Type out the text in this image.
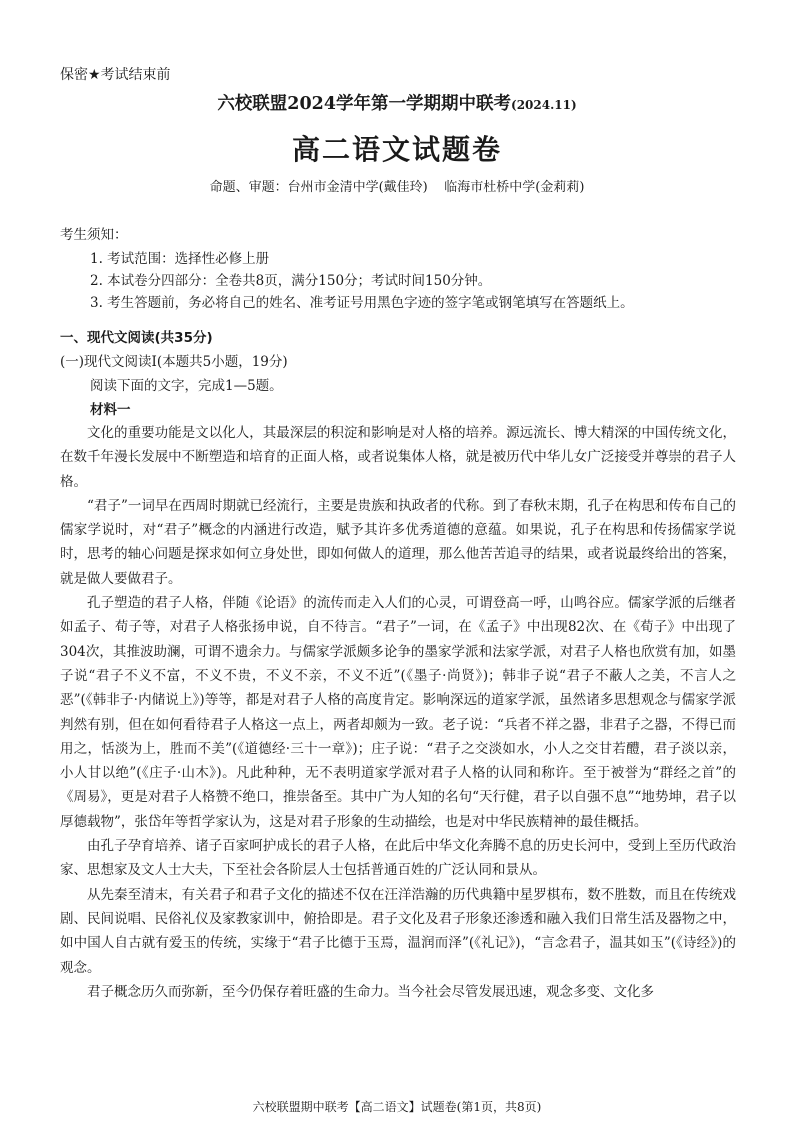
保密★考试结束前
六校联盟2024学年第一学期期中联考(2024.11)
高二语文试题卷
命题、审题：台州市金清中学(戴佳玲)    临海市杜桥中学(金莉莉)
考生须知：
1. 考试范围：选择性必修上册
2. 本试卷分四部分：全卷共8页，满分150分；考试时间150分钟。
3. 考生答题前，务必将自己的姓名、准考证号用黑色字迹的签字笔或钢笔填写在答题纸上。
一、现代文阅读(共35分)
(一)现代文阅读Ⅰ(本题共5小题，19分)
阅读下面的文字，完成1—5题。
材料一

文化的重要功能是文以化人，其最深层的积淀和影响是对人格的培养。源远流长、博大精深的中国传统文化，在数千年漫长发展中不断塑造和培育的正面人格，或者说集体人格，就是被历代中华儿女广泛接受并尊崇的君子人格。

“君子”一词早在西周时期就已经流行，主要是贵族和执政者的代称。到了春秋末期，孔子在构思和传布自己的儒家学说时，对“君子”概念的内涵进行改造，赋予其许多优秀道德的意蕴。如果说，孔子在构思和传扬儒家学说时，思考的轴心问题是探求如何立身处世，即如何做人的道理，那么他苦苦追寻的结果，或者说最终给出的答案，就是做人要做君子。

孔子塑造的君子人格，伴随《论语》的流传而走入人们的心灵，可谓登高一呼，山鸣谷应。儒家学派的后继者如孟子、荀子等，对君子人格张扬申说，自不待言。“君子”一词，在《孟子》中出现82次、在《荀子》中出现了304次，其推波助澜，可谓不遗余力。与儒家学派颇多论争的墨家学派和法家学派，对君子人格也欣赏有加，如墨子说“君子不义不富，不义不贵，不义不亲，不义不近”(《墨子·尚贤》)；韩非子说“君子不蔽人之美，不言人之恶”(《韩非子·内储说上》)等等，都是对君子人格的高度肯定。影响深远的道家学派，虽然诸多思想观念与儒家学派判然有别，但在如何看待君子人格这一点上，两者却颇为一致。老子说：“兵者不祥之器，非君子之器，不得已而用之，恬淡为上，胜而不美”(《道德经·三十一章》)；庄子说：“君子之交淡如水，小人之交甘若醴，君子淡以亲，小人甘以绝”(《庄子·山木》)。凡此种种，无不表明道家学派对君子人格的认同和称许。至于被誉为“群经之首”的《周易》，更是对君子人格赞不绝口，推崇备至。其中广为人知的名句“天行健，君子以自强不息”“地势坤，君子以厚德载物”，张岱年等哲学家认为，这是对君子形象的生动描绘，也是对中华民族精神的最佳概括。

由孔子孕育培养、诸子百家呵护成长的君子人格，在此后中华文化奔腾不息的历史长河中，受到上至历代政治家、思想家及文人士大夫，下至社会各阶层人士包括普通百姓的广泛认同和景从。

从先秦至清末，有关君子和君子文化的描述不仅在汪洋浩瀚的历代典籍中星罗棋布，数不胜数，而且在传统戏剧、民间说唱、民俗礼仪及家教家训中，俯拾即是。君子文化及君子形象还渗透和融入我们日常生活及器物之中，如中国人自古就有爱玉的传统，实缘于“君子比德于玉焉，温润而泽”(《礼记》)，“言念君子，温其如玉”(《诗经》)的观念。

君子概念历久而弥新，至今仍保存着旺盛的生命力。当今社会尽管发展迅速，观念多变、文化多

六校联盟期中联考【高二语文】试题卷(第1页，共8页)
